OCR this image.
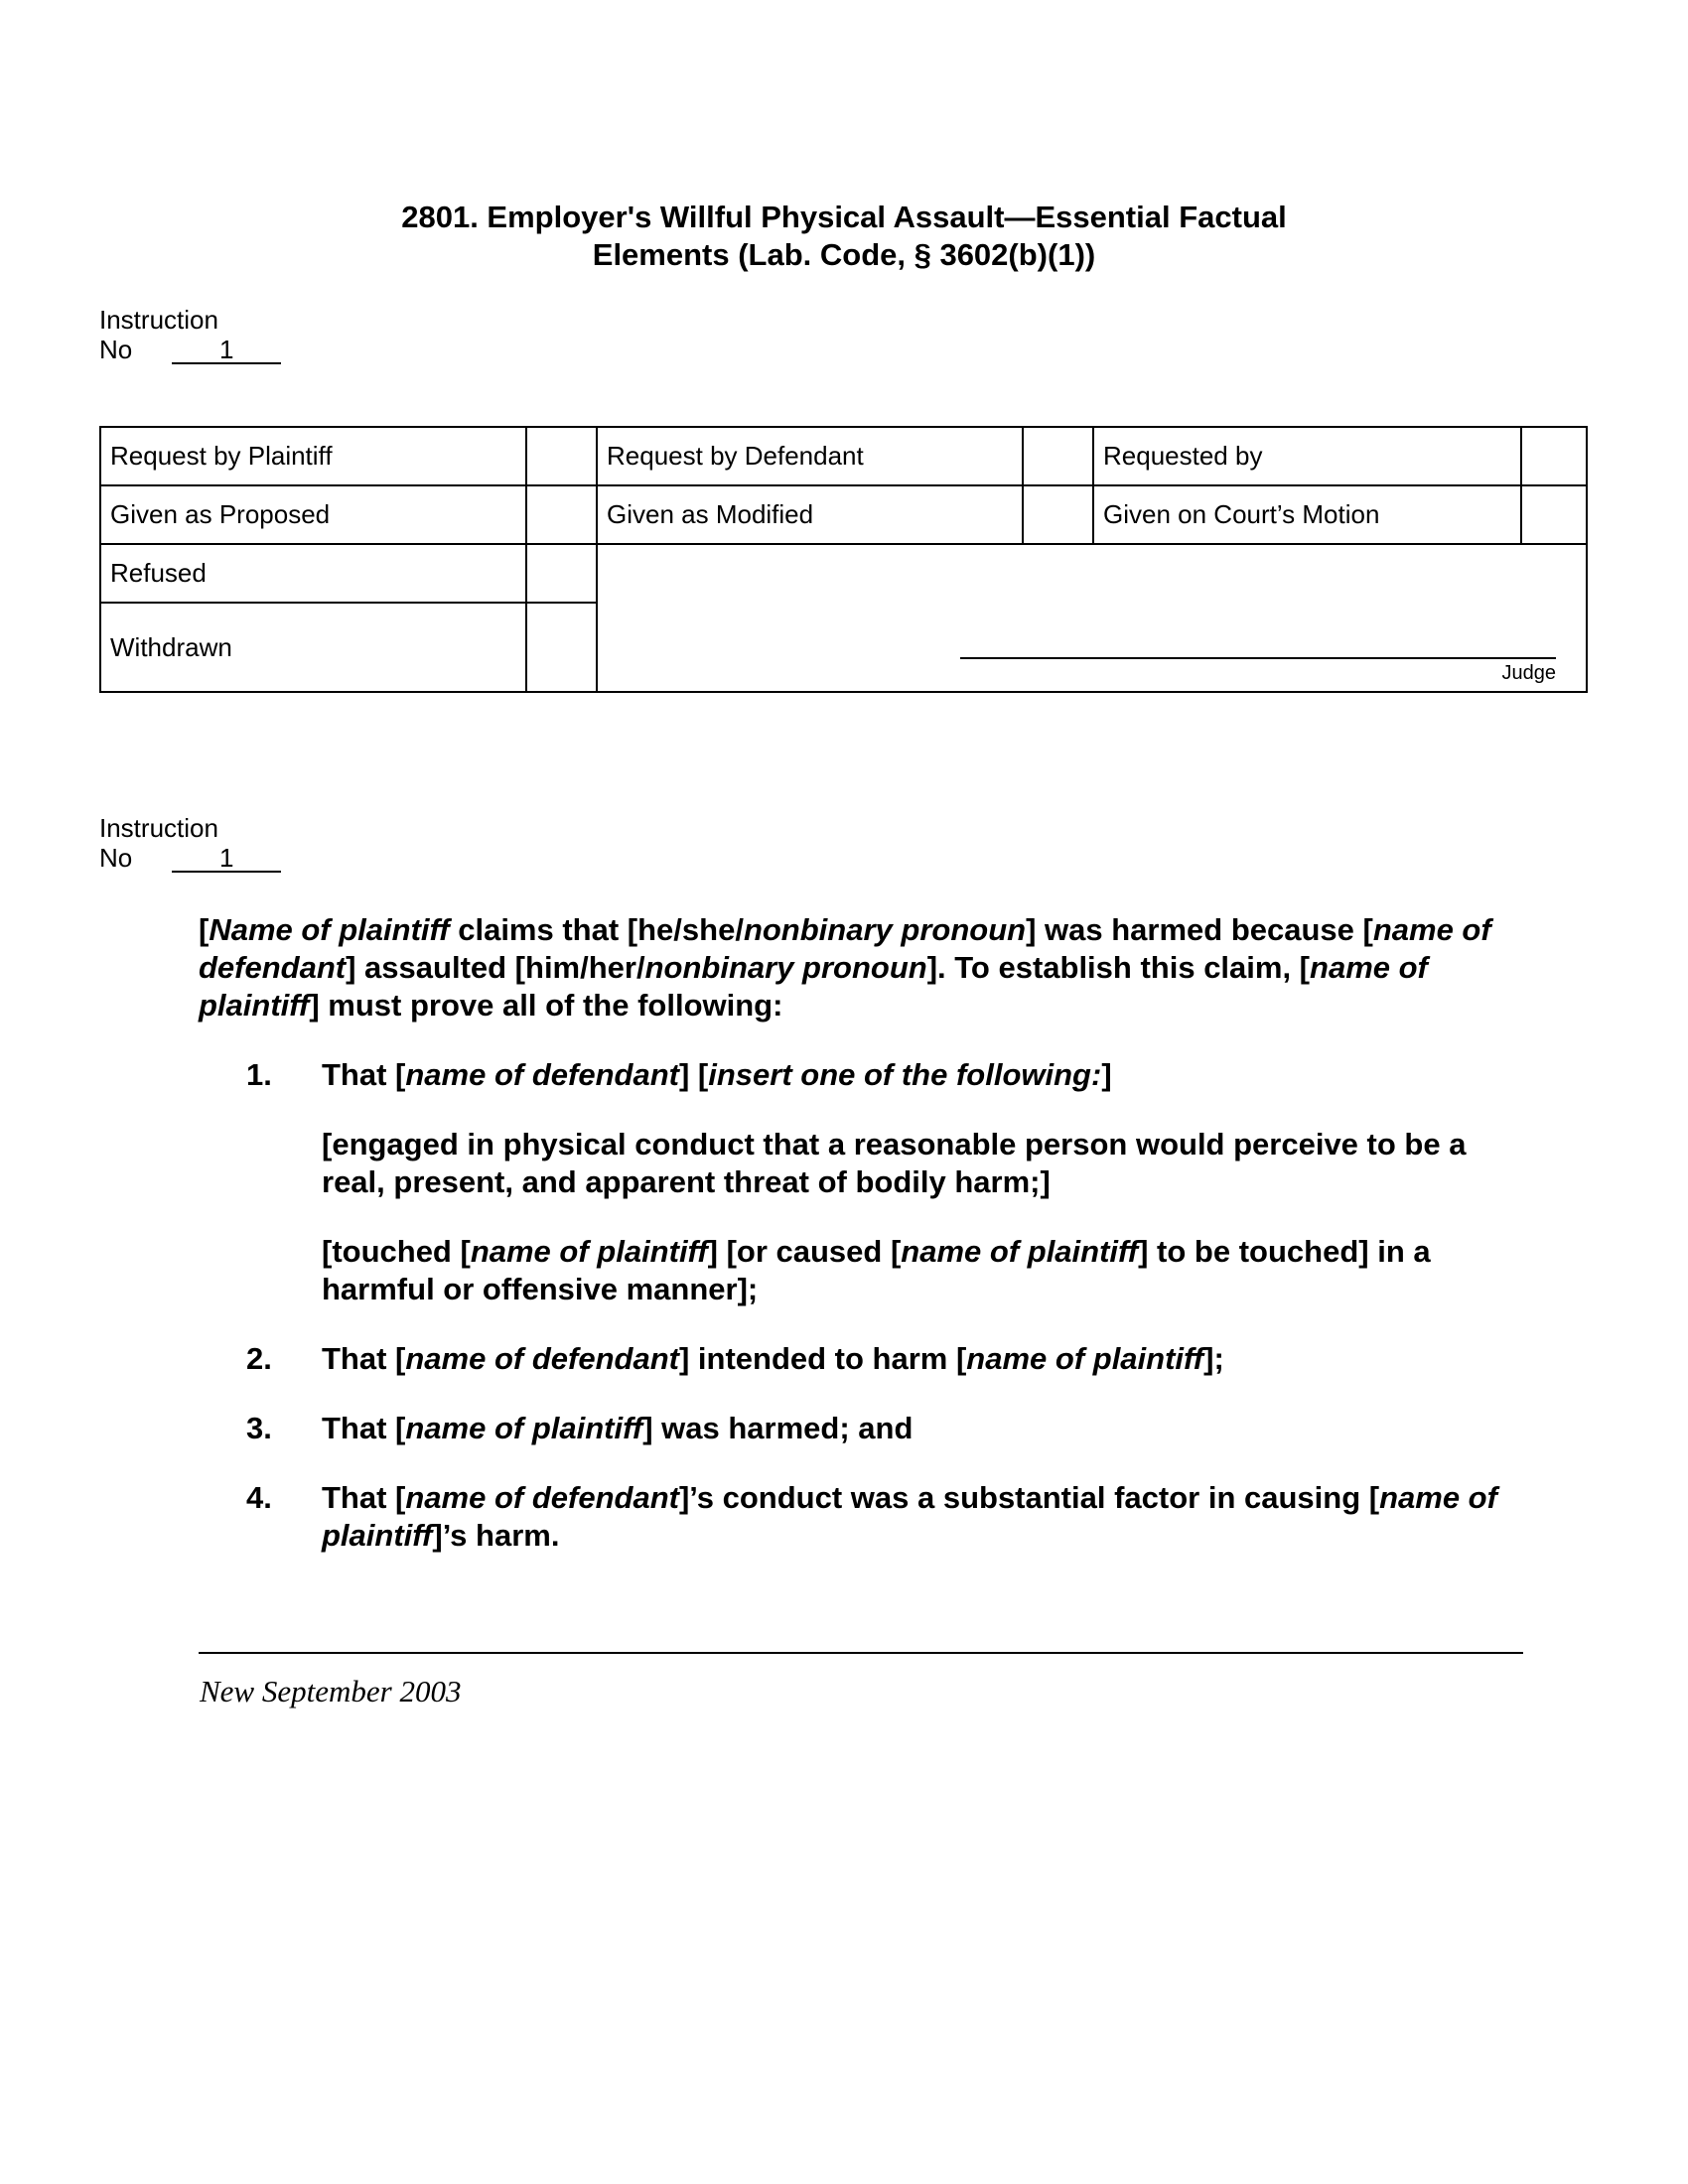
2801. Employer's Willful Physical Assault—Essential Factual
Elements (Lab. Code, § 3602(b)(1))
Instruction
No	1
Request by Plaintiff		Request by Defendant		Requested by	
Given as Proposed		Given as Modified		Given on Court’s Motion	
Refused		Judge			

Withdrawn					
Instruction
No	1

[Name of plaintiff claims that [he/she/nonbinary pronoun] was harmed because [name of defendant] assaulted [him/her/nonbinary pronoun]. To establish this claim, [name of plaintiff] must prove all of the following:

1.	That [name of defendant] [insert one of the following:]
[engaged in physical conduct that a reasonable person would perceive to be a real, present, and apparent threat of bodily harm;]
[touched [name of plaintiff] [or caused [name of plaintiff] to be touched] in a harmful or offensive manner];
2.	That [name of defendant] intended to harm [name of plaintiff];
3.	That [name of plaintiff] was harmed; and
4.	That [name of defendant]’s conduct was a substantial factor in causing [name of plaintiff]’s harm.
New September 2003
